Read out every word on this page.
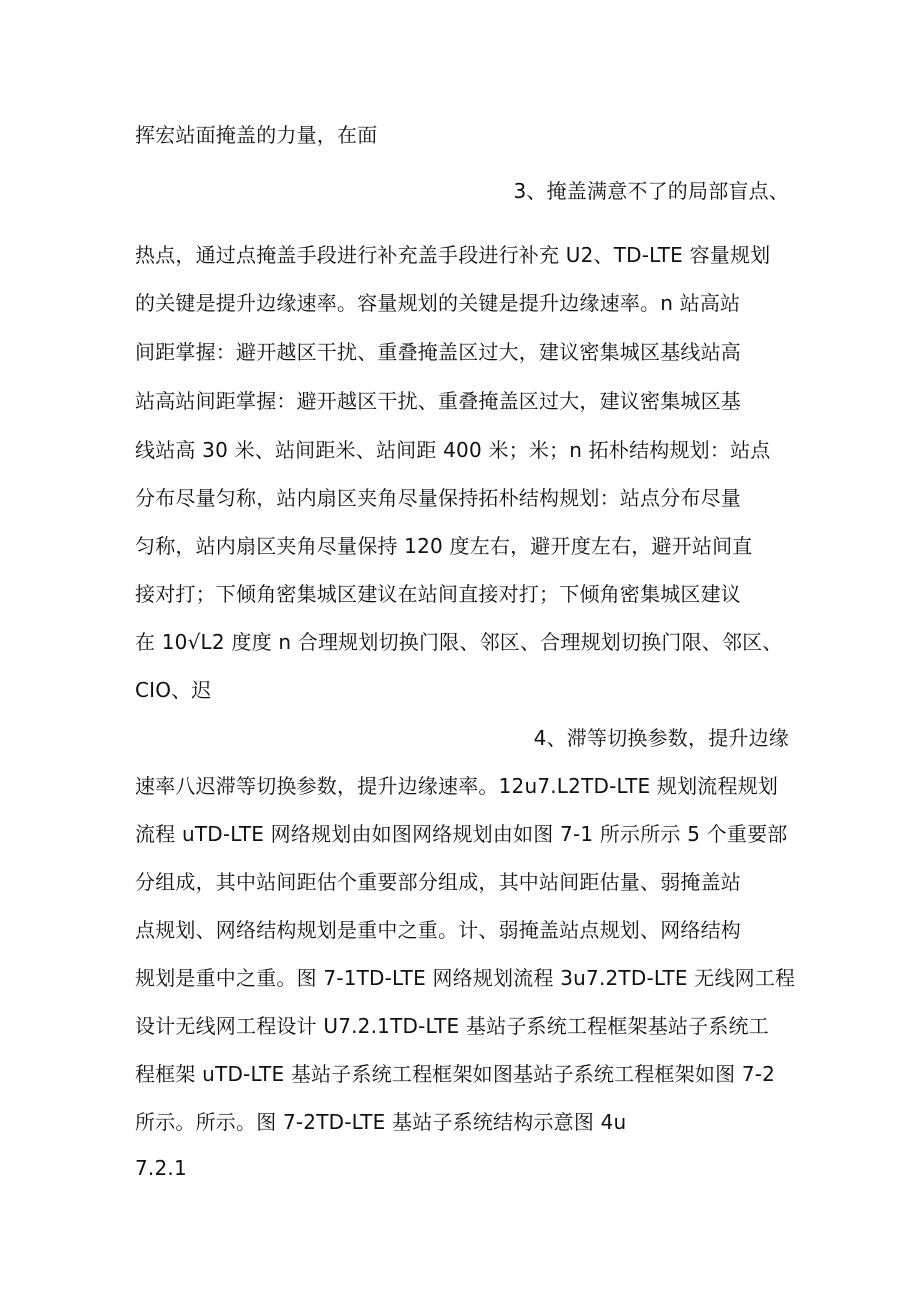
挥宏站面掩盖的力量，在面
3、掩盖满意不了的局部盲点、
热点，通过点掩盖手段进行补充盖手段进行补充 U2、TD-LTE 容量规划
的关键是提升边缘速率。容量规划的关键是提升边缘速率。n 站高站
间距掌握：避开越区干扰、重叠掩盖区过大，建议密集城区基线站高
站高站间距掌握：避开越区干扰、重叠掩盖区过大，建议密集城区基
线站高 30 米、站间距米、站间距 400 米；米；n 拓朴结构规划：站点
分布尽量匀称，站内扇区夹角尽量保持拓朴结构规划：站点分布尽量
匀称，站内扇区夹角尽量保持 120 度左右，避开度左右，避开站间直
接对打；下倾角密集城区建议在站间直接对打；下倾角密集城区建议
在 10√L2 度度 n 合理规划切换门限、邻区、合理规划切换门限、邻区、
CIO、迟
4、滞等切换参数，提升边缘
速率八迟滞等切换参数，提升边缘速率。12u7.L2TD-LTE 规划流程规划
流程 uTD-LTE 网络规划由如图网络规划由如图 7-1 所示所示 5 个重要部
分组成，其中站间距估个重要部分组成，其中站间距估量、弱掩盖站
点规划、网络结构规划是重中之重。计、弱掩盖站点规划、网络结构
规划是重中之重。图 7-1TD-LTE 网络规划流程 3u7.2TD-LTE 无线网工程
设计无线网工程设计 U7.2.1TD-LTE 基站子系统工程框架基站子系统工
程框架 uTD-LTE 基站子系统工程框架如图基站子系统工程框架如图 7-2
所示。所示。图 7-2TD-LTE 基站子系统结构示意图 4u
7.2.1
